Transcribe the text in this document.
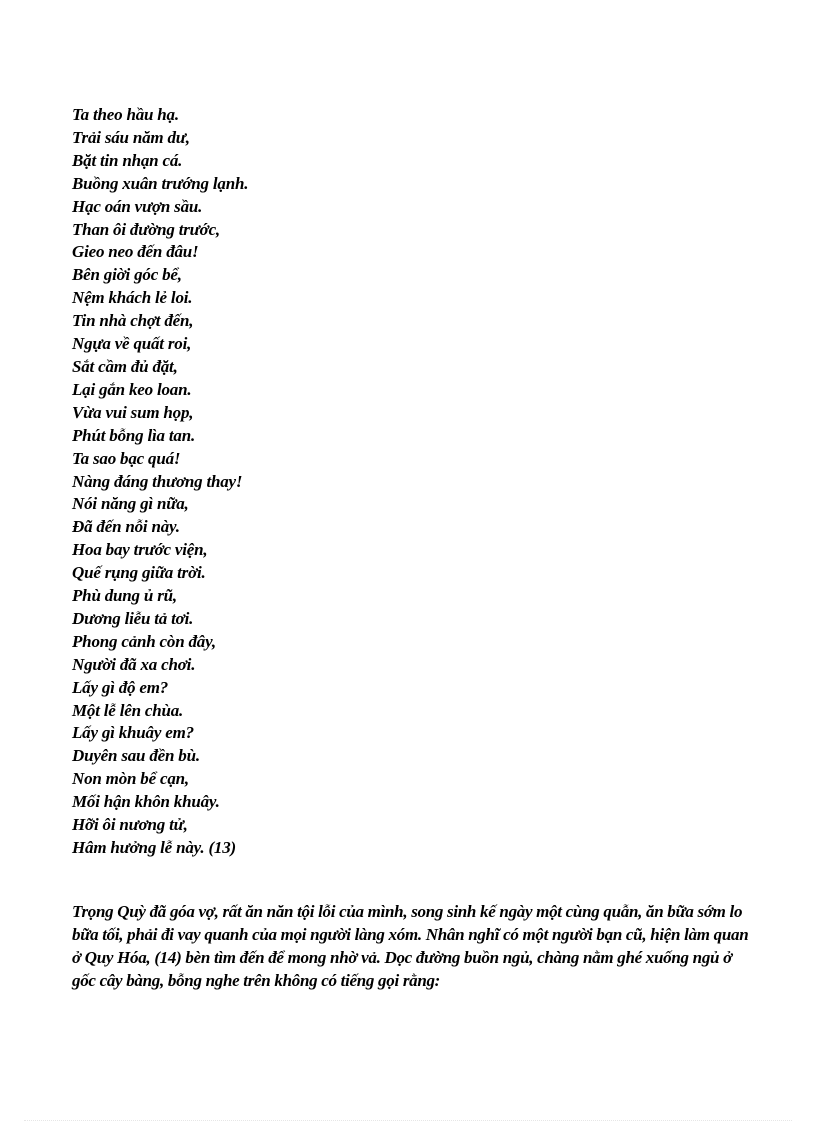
Ta theo hầu hạ.
Trải sáu năm dư,
Bặt tin nhạn cá.
Buồng xuân trướng lạnh.
Hạc oán vượn sầu.
Than ôi đường trước,
Gieo neo đến đâu!
Bên giời góc bể,
Nệm khách lẻ loi.
Tin nhà chợt đến,
Ngựa về quất roi,
Sắt cầm đủ đặt,
Lại gắn keo loan.
Vừa vui sum họp,
Phút bỗng lìa tan.
Ta sao bạc quá!
Nàng đáng thương thay!
Nói năng gì nữa,
Đã đến nỗi này.
Hoa bay trước viện,
Quế rụng giữa trời.
Phù dung ủ rũ,
Dương liễu tả tơi.
Phong cảnh còn đây,
Người đã xa chơi.
Lấy gì độ em?
Một lễ lên chùa.
Lấy gì khuây em?
Duyên sau đền bù.
Non mòn bể cạn,
Mối hận khôn khuây.
Hỡi ôi nương tử,
Hâm hưởng lễ này. (13)

Trọng Quỳ đã góa vợ, rất ăn năn tội lỗi của mình, song sinh kế ngày một cùng quẫn, ăn bữa sớm lo bữa tối, phải đi vay quanh của mọi người làng xóm. Nhân nghĩ có một người bạn cũ, hiện làm quan ở Quy Hóa, (14) bèn tìm đến để mong nhờ vả. Dọc đường buồn ngủ, chàng nằm ghé xuống ngủ ở gốc cây bàng, bỗng nghe trên không có tiếng gọi rằng:
